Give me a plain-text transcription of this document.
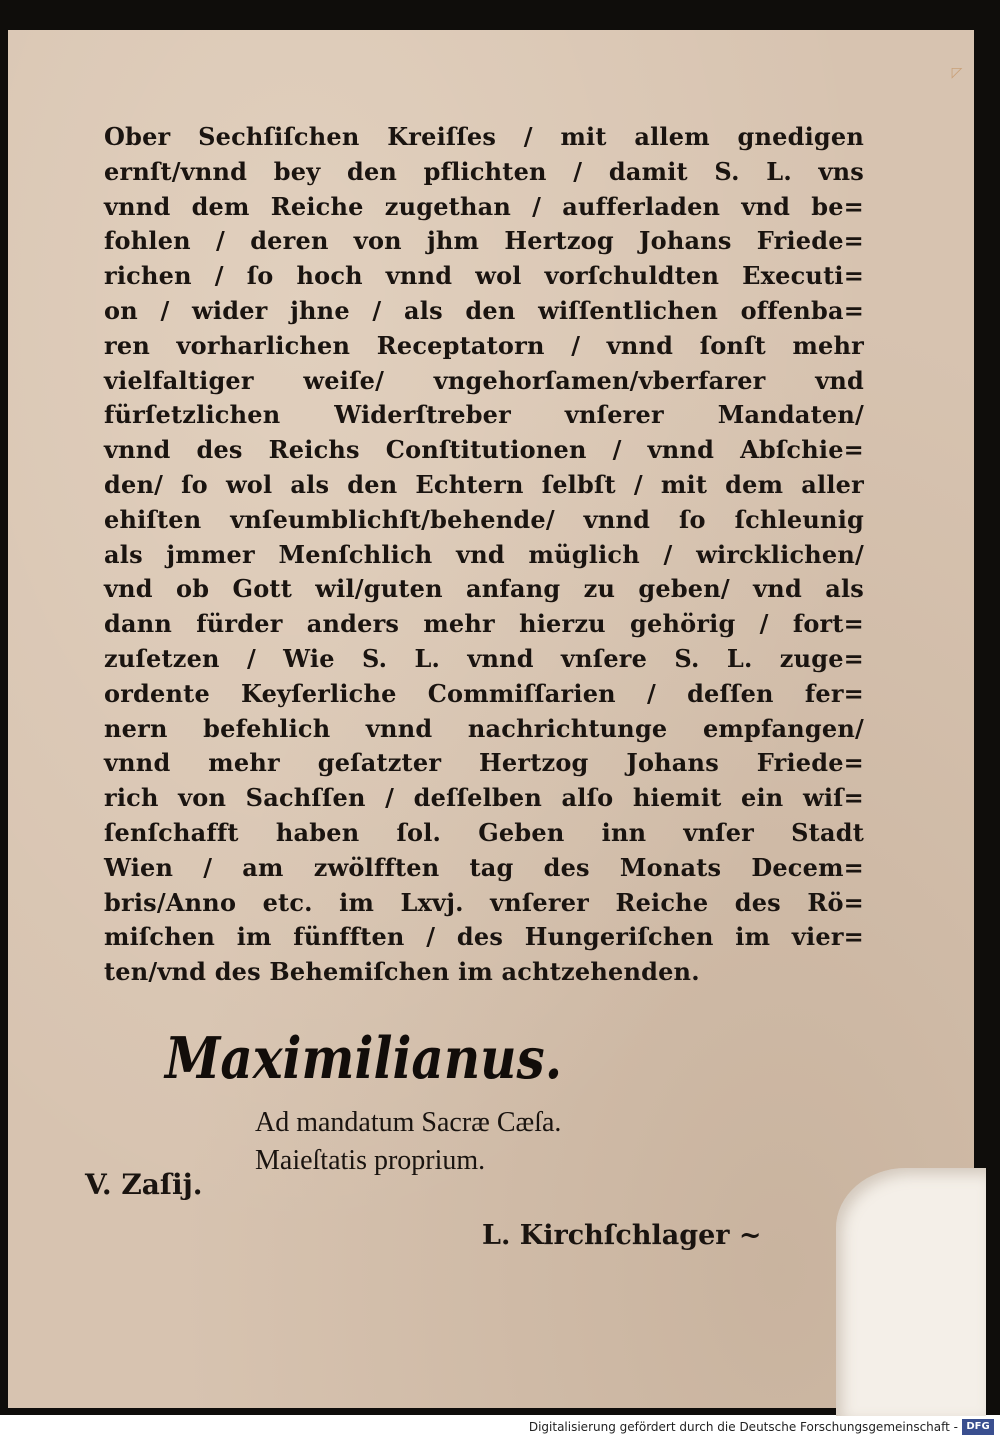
◸
Ober Sechſiſchen Kreiſſes / mit allem gnedigen
ernſt/vnnd bey den pflichten / damit S. L. vns
vnnd dem Reiche zugethan / aufferladen vnd be=
fohlen / deren von jhm Hertzog Johans Friede=
richen / ſo hoch vnnd wol vorſchuldten Executi=
on / wider jhne / als den wiſſentlichen offenba=
ren vorharlichen Receptatorn / vnnd ſonſt mehr
vielfaltiger weiſe/ vngehorſamen/vberfarer vnd
fürſetzlichen Widerſtreber vnſerer Mandaten/
vnnd des Reichs Conſtitutionen / vnnd Abſchie=
den/ ſo wol als den Echtern ſelbſt / mit dem aller
ehiſten vnſeumblichſt/behende/ vnnd ſo ſchleunig
als jmmer Menſchlich vnd müglich / wircklichen/
vnd ob Gott wil/guten anfang zu geben/ vnd als
dann fürder anders mehr hierzu gehörig / fort=
zuſetzen / Wie S. L. vnnd vnſere S. L. zuge=
ordente Keyſerliche Commiſſarien / deſſen fer=
nern befehlich vnnd nachrichtunge empfangen/
vnnd mehr geſatzter Hertzog Johans Friede=
rich von Sachſſen / deſſelben alſo hiemit ein wiſ=
ſenſchafft haben ſol. Geben inn vnſer Stadt
Wien / am zwölfften tag des Monats Decem=
bris/Anno etc. im Lxvj. vnſerer Reiche des Rö=
miſchen im fünfften / des Hungeriſchen im vier=
ten/vnd des Behemiſchen im achtzehenden.
Maximilianus.
Ad mandatum Sacræ Cæſa.
Maieſtatis proprium.
V. Zaſij.
L. Kirchſchlager ~
Digitalisierung gefördert durch die Deutsche Forschungsgemeinschaft - DFG
